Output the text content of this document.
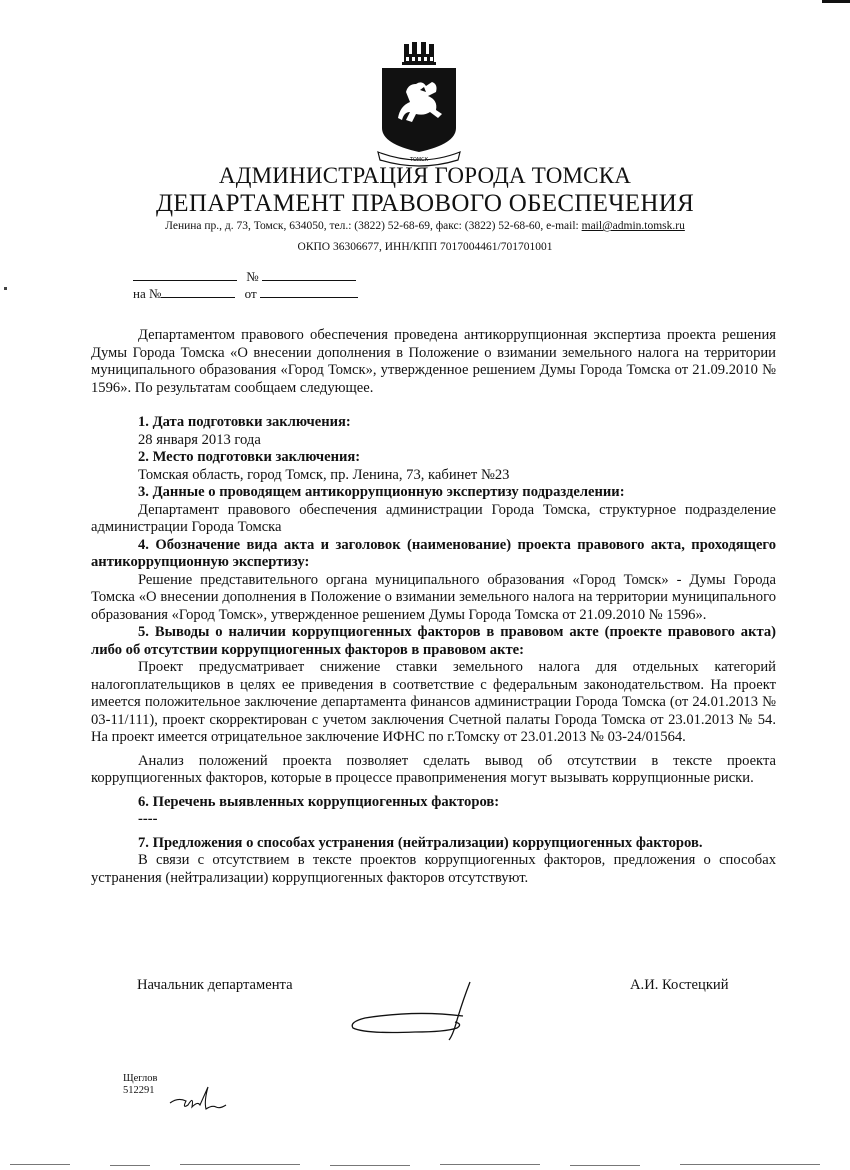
ТОМСК
АДМИНИСТРАЦИЯ ГОРОДА ТОМСКА
ДЕПАРТАМЕНТ ПРАВОВОГО ОБЕСПЕЧЕНИЯ
Ленина пр., д. 73, Томск, 634050, тел.: (3822) 52-68-69, факс: (3822) 52-68-60, e-mail: mail@admin.tomsk.ru
ОКПО 36306677, ИНН/КПП 7017004461/701701001
№
на №	от

Департаментом правового обеспечения проведена антикоррупционная экспертиза проекта решения Думы Города Томска «О внесении дополнения в Положение о взимании земельного налога на территории муниципального образования «Город Томск», утвержденное решением Думы Города Томска от 21.09.2010 № 1596». По результатам сообщаем следующее.

1. Дата подготовки заключения:

28 января 2013 года

2. Место подготовки заключения:

Томская область, город Томск, пр. Ленина, 73, кабинет №23

3. Данные о проводящем антикоррупционную экспертизу подразделении:

Департамент правового обеспечения администрации Города Томска, структурное подразделение администрации Города Томска

4. Обозначение вида акта и заголовок (наименование) проекта правового акта, проходящего антикоррупционную экспертизу:

Решение представительного органа муниципального образования «Город Томск» - Думы Города Томска «О внесении дополнения в Положение о взимании земельного налога на территории муниципального образования «Город Томск», утвержденное решением Думы Города Томска от 21.09.2010 № 1596».

5. Выводы о наличии коррупциогенных факторов в правовом акте (проекте правового акта) либо об отсутствии коррупциогенных факторов в правовом акте:

Проект предусматривает снижение ставки земельного налога для отдельных категорий налогоплательщиков в целях ее приведения в соответствие с федеральным законодательством. На проект имеется положительное заключение департамента финансов администрации Города Томска (от 24.01.2013 № 03-11/111), проект скорректирован с учетом заключения Счетной палаты Города Томска от 23.01.2013 № 54. На проект имеется отрицательное заключение ИФНС по г.Томску от 23.01.2013 № 03-24/01564.

Анализ положений проекта позволяет сделать вывод об отсутствии в тексте проекта коррупциогенных факторов, которые в процессе правоприменения могут вызывать коррупционные риски.

6. Перечень выявленных коррупциогенных факторов:

----

7. Предложения о способах устранения (нейтрализации) коррупциогенных факторов.

В связи с отсутствием в тексте проектов коррупциогенных факторов, предложения о способах устранения (нейтрализации) коррупциогенных факторов отсутствуют.

Начальник департамента	А.И. Костецкий
Щеглов
512291
